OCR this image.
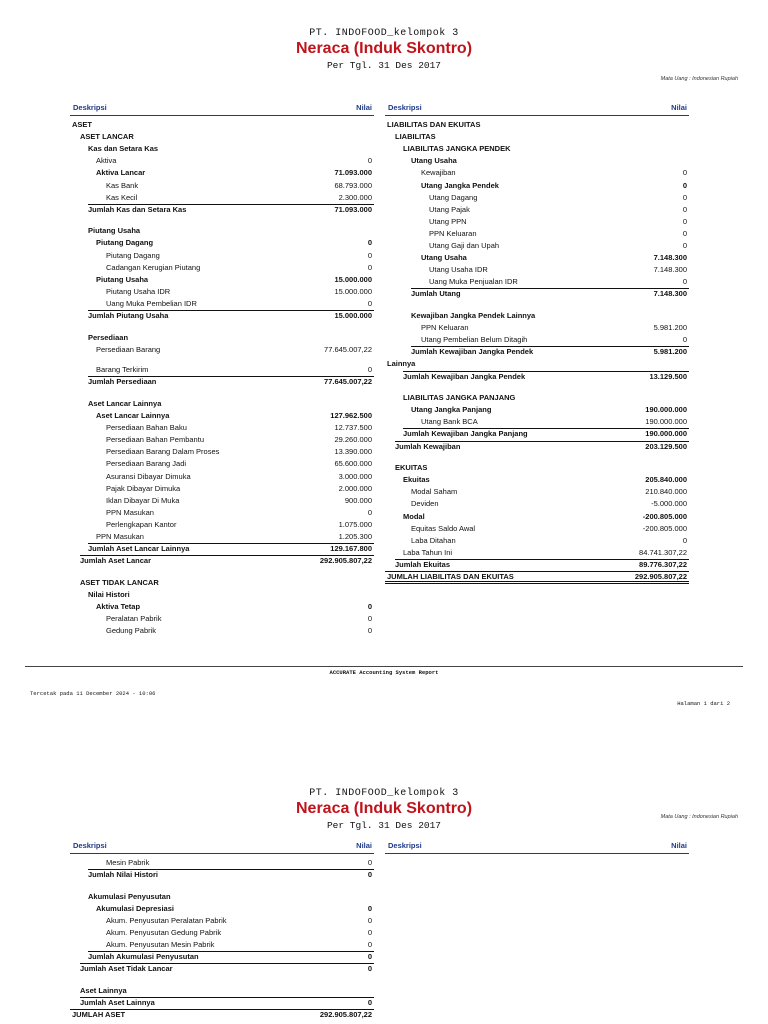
PT. INDOFOOD_kelompok 3
Neraca (Induk Skontro)
Per Tgl. 31 Des 2017
Mata Uang : Indonesian Rupiah
Deskripsi	Nilai Deskripsi	Nilai
ASET
ASET LANCAR
Kas dan Setara Kas
Aktiva	0
Aktiva Lancar	71.093.000
Kas Bank	68.793.000
Kas Kecil	2.300.000
Jumlah Kas dan Setara Kas	71.093.000
Piutang Usaha
Piutang Dagang	0
Piutang Dagang	0
Cadangan Kerugian Piutang	0
Piutang Usaha	15.000.000
Piutang Usaha IDR	15.000.000
Uang Muka Pembelian IDR	0
Jumlah Piutang Usaha	15.000.000
Persediaan
Persediaan Barang	77.645.007,22
Barang Terkirim	0
Jumlah Persediaan	77.645.007,22
Aset Lancar Lainnya
Aset Lancar Lainnya	127.962.500
Persediaan Bahan Baku	12.737.500
Persediaan Bahan Pembantu	29.260.000
Persediaan Barang Dalam Proses	13.390.000
Persediaan Barang Jadi	65.600.000
Asuransi Dibayar Dimuka	3.000.000
Pajak Dibayar Dimuka	2.000.000
Iklan Dibayar Di Muka	900.000
PPN Masukan	0
Perlengkapan Kantor	1.075.000
PPN Masukan	1.205.300
Jumlah Aset Lancar Lainnya	129.167.800
Jumlah Aset Lancar	292.905.807,22
ASET TIDAK LANCAR
Nilai Histori
Aktiva Tetap	0
Peralatan Pabrik	0
Gedung Pabrik	0
LIABILITAS DAN EKUITAS
LIABILITAS
LIABILITAS JANGKA PENDEK
Utang Usaha
Kewajiban	0
Utang Jangka Pendek	0
Utang Dagang	0
Utang Pajak	0
Utang PPN	0
PPN Keluaran	0
Utang Gaji dan Upah	0
Utang Usaha	7.148.300
Utang Usaha IDR	7.148.300
Uang Muka Penjualan IDR	0
Jumlah Utang	7.148.300
Kewajiban Jangka Pendek Lainnya
PPN Keluaran	5.981.200
Utang Pembelian Belum Ditagih	0
Jumlah Kewajiban Jangka Pendek	5.981.200
Lainnya
Jumlah Kewajiban Jangka Pendek	13.129.500
LIABILITAS JANGKA PANJANG
Utang Jangka Panjang	190.000.000
Utang Bank BCA	190.000.000
Jumlah Kewajiban Jangka Panjang	190.000.000
Jumlah Kewajiban	203.129.500
EKUITAS
Ekuitas	205.840.000
Modal Saham	210.840.000
Deviden	-5.000.000
Modal	-200.805.000
Equitas Saldo Awal	-200.805.000
Laba Ditahan	0
Laba Tahun Ini	84.741.307,22
Jumlah Ekuitas	89.776.307,22
JUMLAH LIABILITAS DAN EKUITAS	292.905.807,22
ACCURATE Accounting System Report
Tercetak pada 11 December 2024 - 10:06
Halaman 1 dari 2
PT. INDOFOOD_kelompok 3
Neraca (Induk Skontro)
Per Tgl. 31 Des 2017
Mata Uang : Indonesian Rupiah
Deskripsi	Nilai Deskripsi	Nilai
Mesin Pabrik	0
Jumlah Nilai Histori	0
Akumulasi Penyusutan
Akumulasi Depresiasi	0
Akum. Penyusutan Peralatan Pabrik	0
Akum. Penyusutan Gedung Pabrik	0
Akum. Penyusutan Mesin Pabrik	0
Jumlah Akumulasi Penyusutan	0
Jumlah Aset Tidak Lancar	0
Aset Lainnya
Jumlah Aset Lainnya	0
JUMLAH ASET	292.905.807,22
